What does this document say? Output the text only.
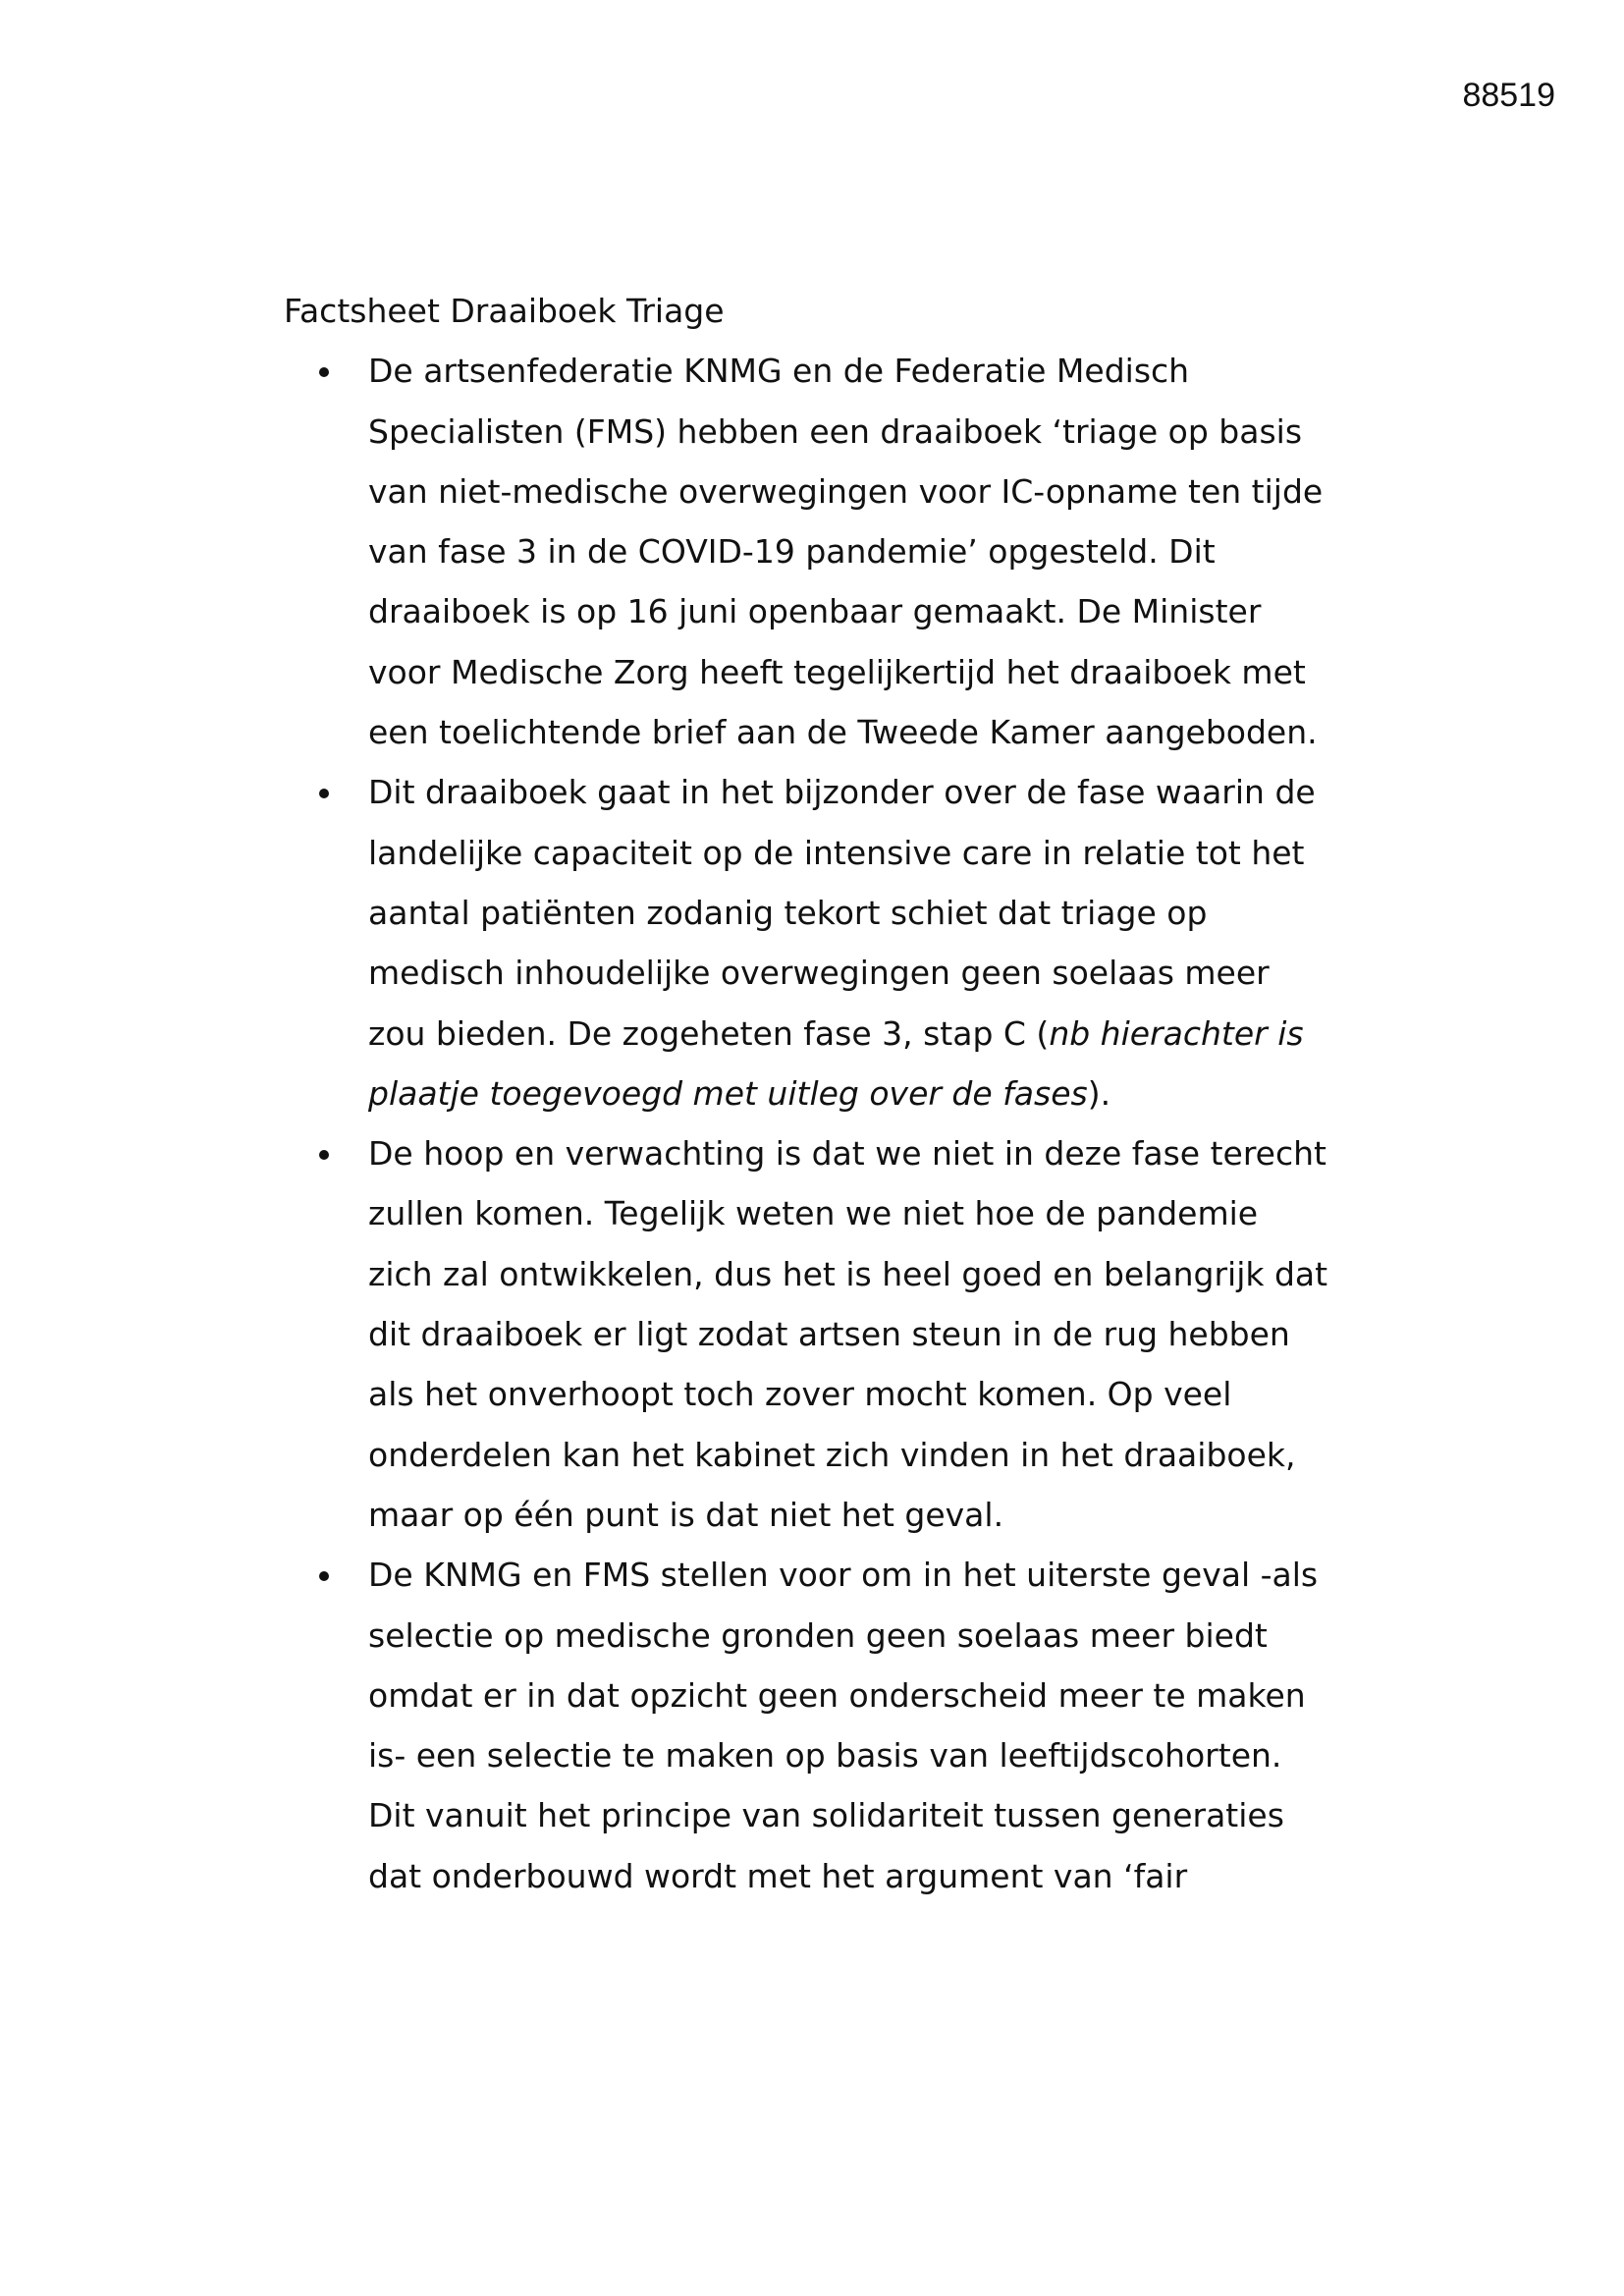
88519
Factsheet Draaiboek Triage
De artsenfederatie KNMG en de Federatie Medisch
Specialisten (FMS) hebben een draaiboek ‘triage op basis
van niet-medische overwegingen voor IC-opname ten tijde
van fase 3 in de COVID-19 pandemie’ opgesteld. Dit
draaiboek is op 16 juni openbaar gemaakt. De Minister
voor Medische Zorg heeft tegelijkertijd het draaiboek met
een toelichtende brief aan de Tweede Kamer aangeboden.
Dit draaiboek gaat in het bijzonder over de fase waarin de
landelijke capaciteit op de intensive care in relatie tot het
aantal patiënten zodanig tekort schiet dat triage op
medisch inhoudelijke overwegingen geen soelaas meer
zou bieden. De zogeheten fase 3, stap C (nb hierachter is
plaatje toegevoegd met uitleg over de fases).
De hoop en verwachting is dat we niet in deze fase terecht
zullen komen. Tegelijk weten we niet hoe de pandemie
zich zal ontwikkelen, dus het is heel goed en belangrijk dat
dit draaiboek er ligt zodat artsen steun in de rug hebben
als het onverhoopt toch zover mocht komen. Op veel
onderdelen kan het kabinet zich vinden in het draaiboek,
maar op één punt is dat niet het geval.
De KNMG en FMS stellen voor om in het uiterste geval -als
selectie op medische gronden geen soelaas meer biedt
omdat er in dat opzicht geen onderscheid meer te maken
is- een selectie te maken op basis van leeftijdscohorten.
Dit vanuit het principe van solidariteit tussen generaties
dat onderbouwd wordt met het argument van ‘fair
